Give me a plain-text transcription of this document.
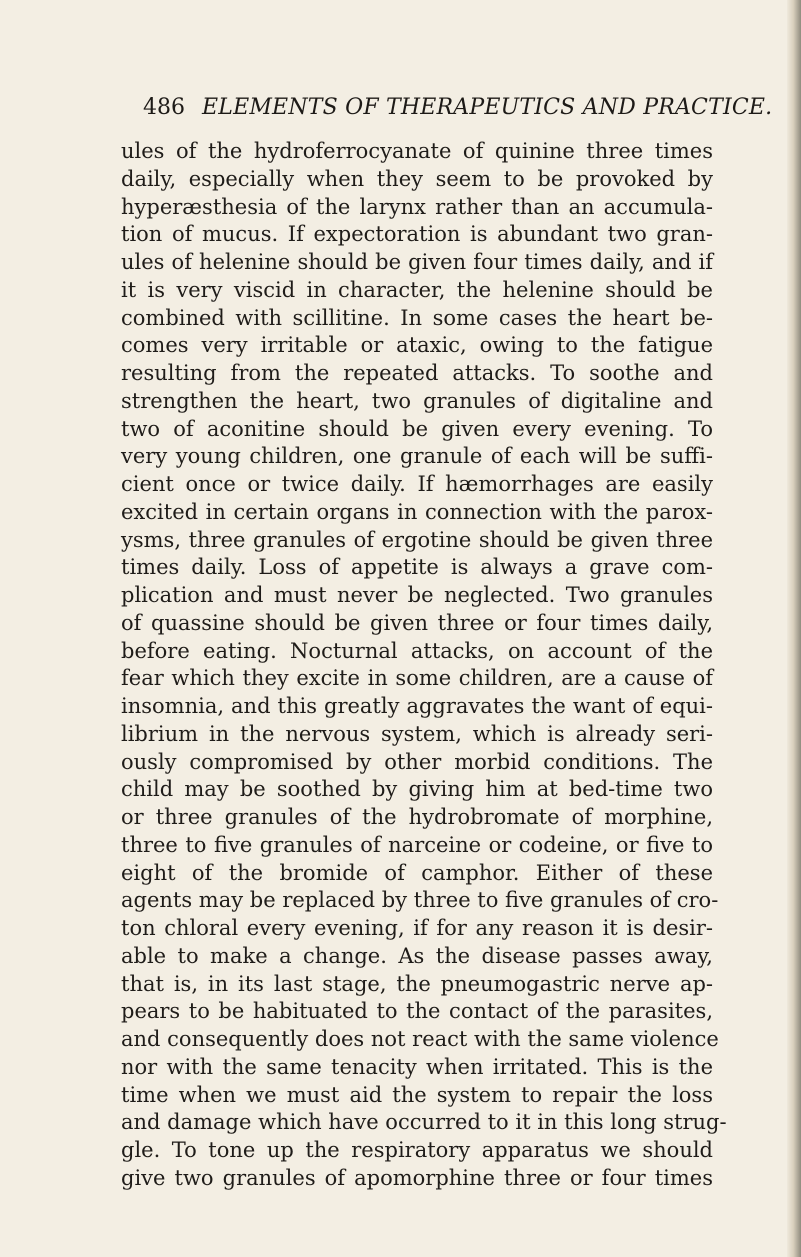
486 ELEMENTS OF THERAPEUTICS AND PRACTICE.
ules of the hydroferrocyanate of quinine three times
daily, especially when they seem to be provoked by
hyperæsthesia of the larynx rather than an accumula-
tion of mucus. If expectoration is abundant two gran-
ules of helenine should be given four times daily, and if
it is very viscid in character, the helenine should be
combined with scillitine. In some cases the heart be-
comes very irritable or ataxic, owing to the fatigue
resulting from the repeated attacks. To soothe and
strengthen the heart, two granules of digitaline and
two of aconitine should be given every evening. To
very young children, one granule of each will be suffi-
cient once or twice daily. If hæmorrhages are easily
excited in certain organs in connection with the parox-
ysms, three granules of ergotine should be given three
times daily. Loss of appetite is always a grave com-
plication and must never be neglected. Two granules
of quassine should be given three or four times daily,
before eating. Nocturnal attacks, on account of the
fear which they excite in some children, are a cause of
insomnia, and this greatly aggravates the want of equi-
librium in the nervous system, which is already seri-
ously compromised by other morbid conditions. The
child may be soothed by giving him at bed-time two
or three granules of the hydrobromate of morphine,
three to five granules of narceine or codeine, or five to
eight of the bromide of camphor. Either of these
agents may be replaced by three to five granules of cro-
ton chloral every evening, if for any reason it is desir-
able to make a change. As the disease passes away,
that is, in its last stage, the pneumogastric nerve ap-
pears to be habituated to the contact of the parasites,
and consequently does not react with the same violence
nor with the same tenacity when irritated. This is the
time when we must aid the system to repair the loss
and damage which have occurred to it in this long strug-
gle. To tone up the respiratory apparatus we should
give two granules of apomorphine three or four times
